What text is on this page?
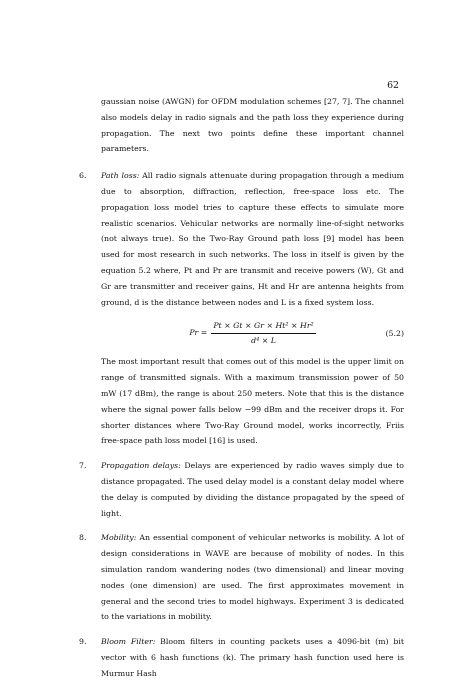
62

gaussian noise (AWGN) for OFDM modulation schemes [27, 7]. The channel also models delay in radio signals and the path loss they experience during propagation. The next two points define these important channel parameters.

6. Path loss: All radio signals attenuate during propagation through a medium due to absorption, diffraction, reflection, free-space loss etc. The propagation loss model tries to capture these effects to simulate more realistic scenarios. Vehicular networks are normally line-of-sight networks (not always true). So the Two-Ray Ground path loss [9] model has been used for most research in such networks. The loss in itself is given by the equation 5.2 where, Pt and Pr are transmit and receive powers (W), Gt and Gr are transmitter and receiver gains, Ht and Hr are antenna heights from ground, d is the distance between nodes and L is a fixed system loss.
$Pr = \frac{\text{Pt × Gt × Gr × Ht² × Hr²}}{\text{d⁴ × L}}$	(5.2)
The most important result that comes out of this model is the upper limit on range of transmitted signals. With a maximum transmission power of 50 mW (17 dBm), the range is about 250 meters. Note that this is the distance where the signal power falls below −99 dBm and the receiver drops it. For shorter distances where Two-Ray Ground model, works incorrectly, Friis free-space path loss model [16] is used.
7. Propagation delays: Delays are experienced by radio waves simply due to distance propagated. The used delay model is a constant delay model where the delay is computed by dividing the distance propagated by the speed of light.
8. Mobility: An essential component of vehicular networks is mobility. A lot of design considerations in WAVE are because of mobility of nodes. In this simulation random wandering nodes (two dimensional) and linear moving nodes (one dimension) are used. The first approximates movement in general and the second tries to model highways. Experiment 3 is dedicated to the variations in mobility.
9. Bloom Filter: Bloom filters in counting packets uses a 4096-bit (m) bit vector with 6 hash functions (k). The primary hash function used here is Murmur Hash
